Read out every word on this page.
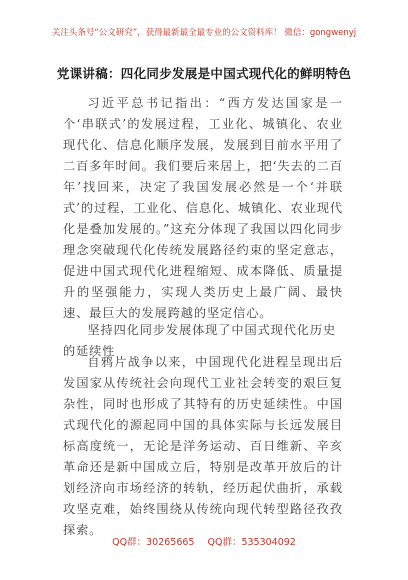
关注头条号“公文研究”，获得最新最全最专业的公文资料库！ 微信：gongwenyj
党课讲稿：四化同步发展是中国式现代化的鲜明特色

习近平总书记指出：“西方发达国家是一个‘串联式’的发展过程，工业化、城镇化、农业现代化、信息化顺序发展，发展到目前水平用了二百多年时间。我们要后来居上，把‘失去的二百年’找回来，决定了我国发展必然是一个‘并联式’的过程，工业化、信息化、城镇化、农业现代化是叠加发展的。”这充分体现了我国以四化同步理念突破现代化传统发展路径约束的坚定意志，促进中国式现代化进程缩短、成本降低、质量提升的坚强能力，实现人类历史上最广阔、最快速、最巨大的发展跨越的坚定信心。

坚持四化同步发展体现了中国式现代化历史的延续性

自鸦片战争以来，中国现代化进程呈现出后发国家从传统社会向现代工业社会转变的艰巨复杂性，同时也形成了其特有的历史延续性。中国式现代化的源起同中国的具体实际与长远发展目标高度统一，无论是洋务运动、百日维新、辛亥革命还是新中国成立后，特别是改革开放后的计划经济向市场经济的转轨，经历起伏曲折，承载攻坚克难，始终围绕从传统向现代转型路径孜孜探索。

QQ群：30265665 QQ群：535304092
